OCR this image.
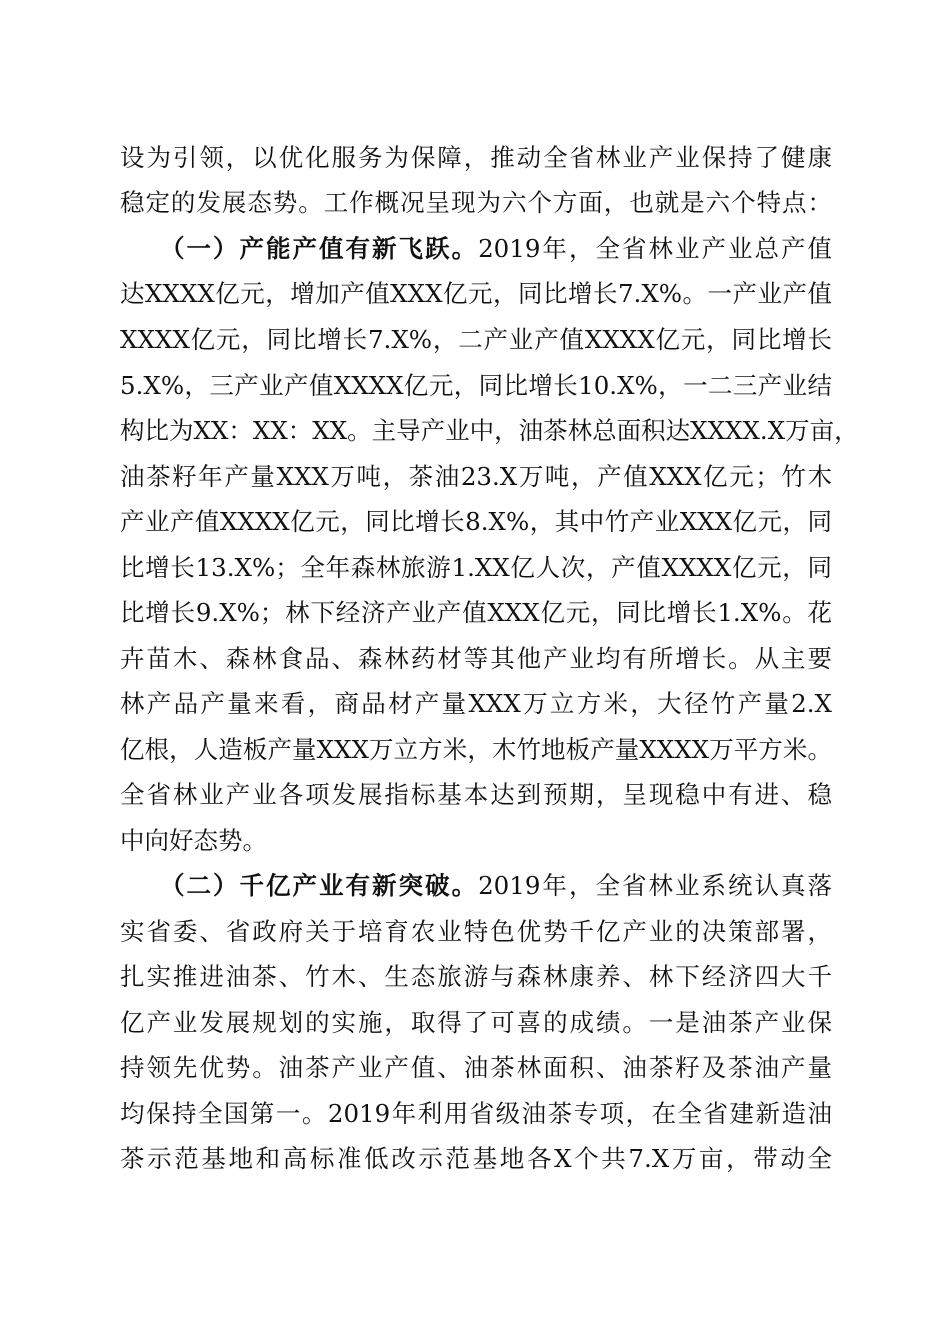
设为引领，以优化服务为保障，推动全省林业产业保持了健康
稳定的发展态势。工作概况呈现为六个方面，也就是六个特点：
（一）产能产值有新飞跃。2019年，全省林业产业总产值
达XXXX亿元，增加产值XXX亿元，同比增长7.X%。一产业产值
XXXX亿元，同比增长7.X%，二产业产值XXXX亿元，同比增长
5.X%，三产业产值XXXX亿元，同比增长10.X%，一二三产业结
构比为XX：XX：XX。主导产业中，油茶林总面积达XXXX.X万亩，
油茶籽年产量XXX万吨，茶油23.X万吨，产值XXX亿元；竹木
产业产值XXXX亿元，同比增长8.X%，其中竹产业XXX亿元，同
比增长13.X%；全年森林旅游1.XX亿人次，产值XXXX亿元，同
比增长9.X%；林下经济产业产值XXX亿元，同比增长1.X%。花
卉苗木、森林食品、森林药材等其他产业均有所增长。从主要
林产品产量来看，商品材产量XXX万立方米，大径竹产量2.X
亿根，人造板产量XXX万立方米，木竹地板产量XXXX万平方米。
全省林业产业各项发展指标基本达到预期，呈现稳中有进、稳
中向好态势。
（二）千亿产业有新突破。2019年，全省林业系统认真落
实省委、省政府关于培育农业特色优势千亿产业的决策部署，
扎实推进油茶、竹木、生态旅游与森林康养、林下经济四大千
亿产业发展规划的实施，取得了可喜的成绩。一是油茶产业保
持领先优势。油茶产业产值、油茶林面积、油茶籽及茶油产量
均保持全国第一。2019年利用省级油茶专项，在全省建新造油
茶示范基地和高标准低改示范基地各X个共7.X万亩，带动全
